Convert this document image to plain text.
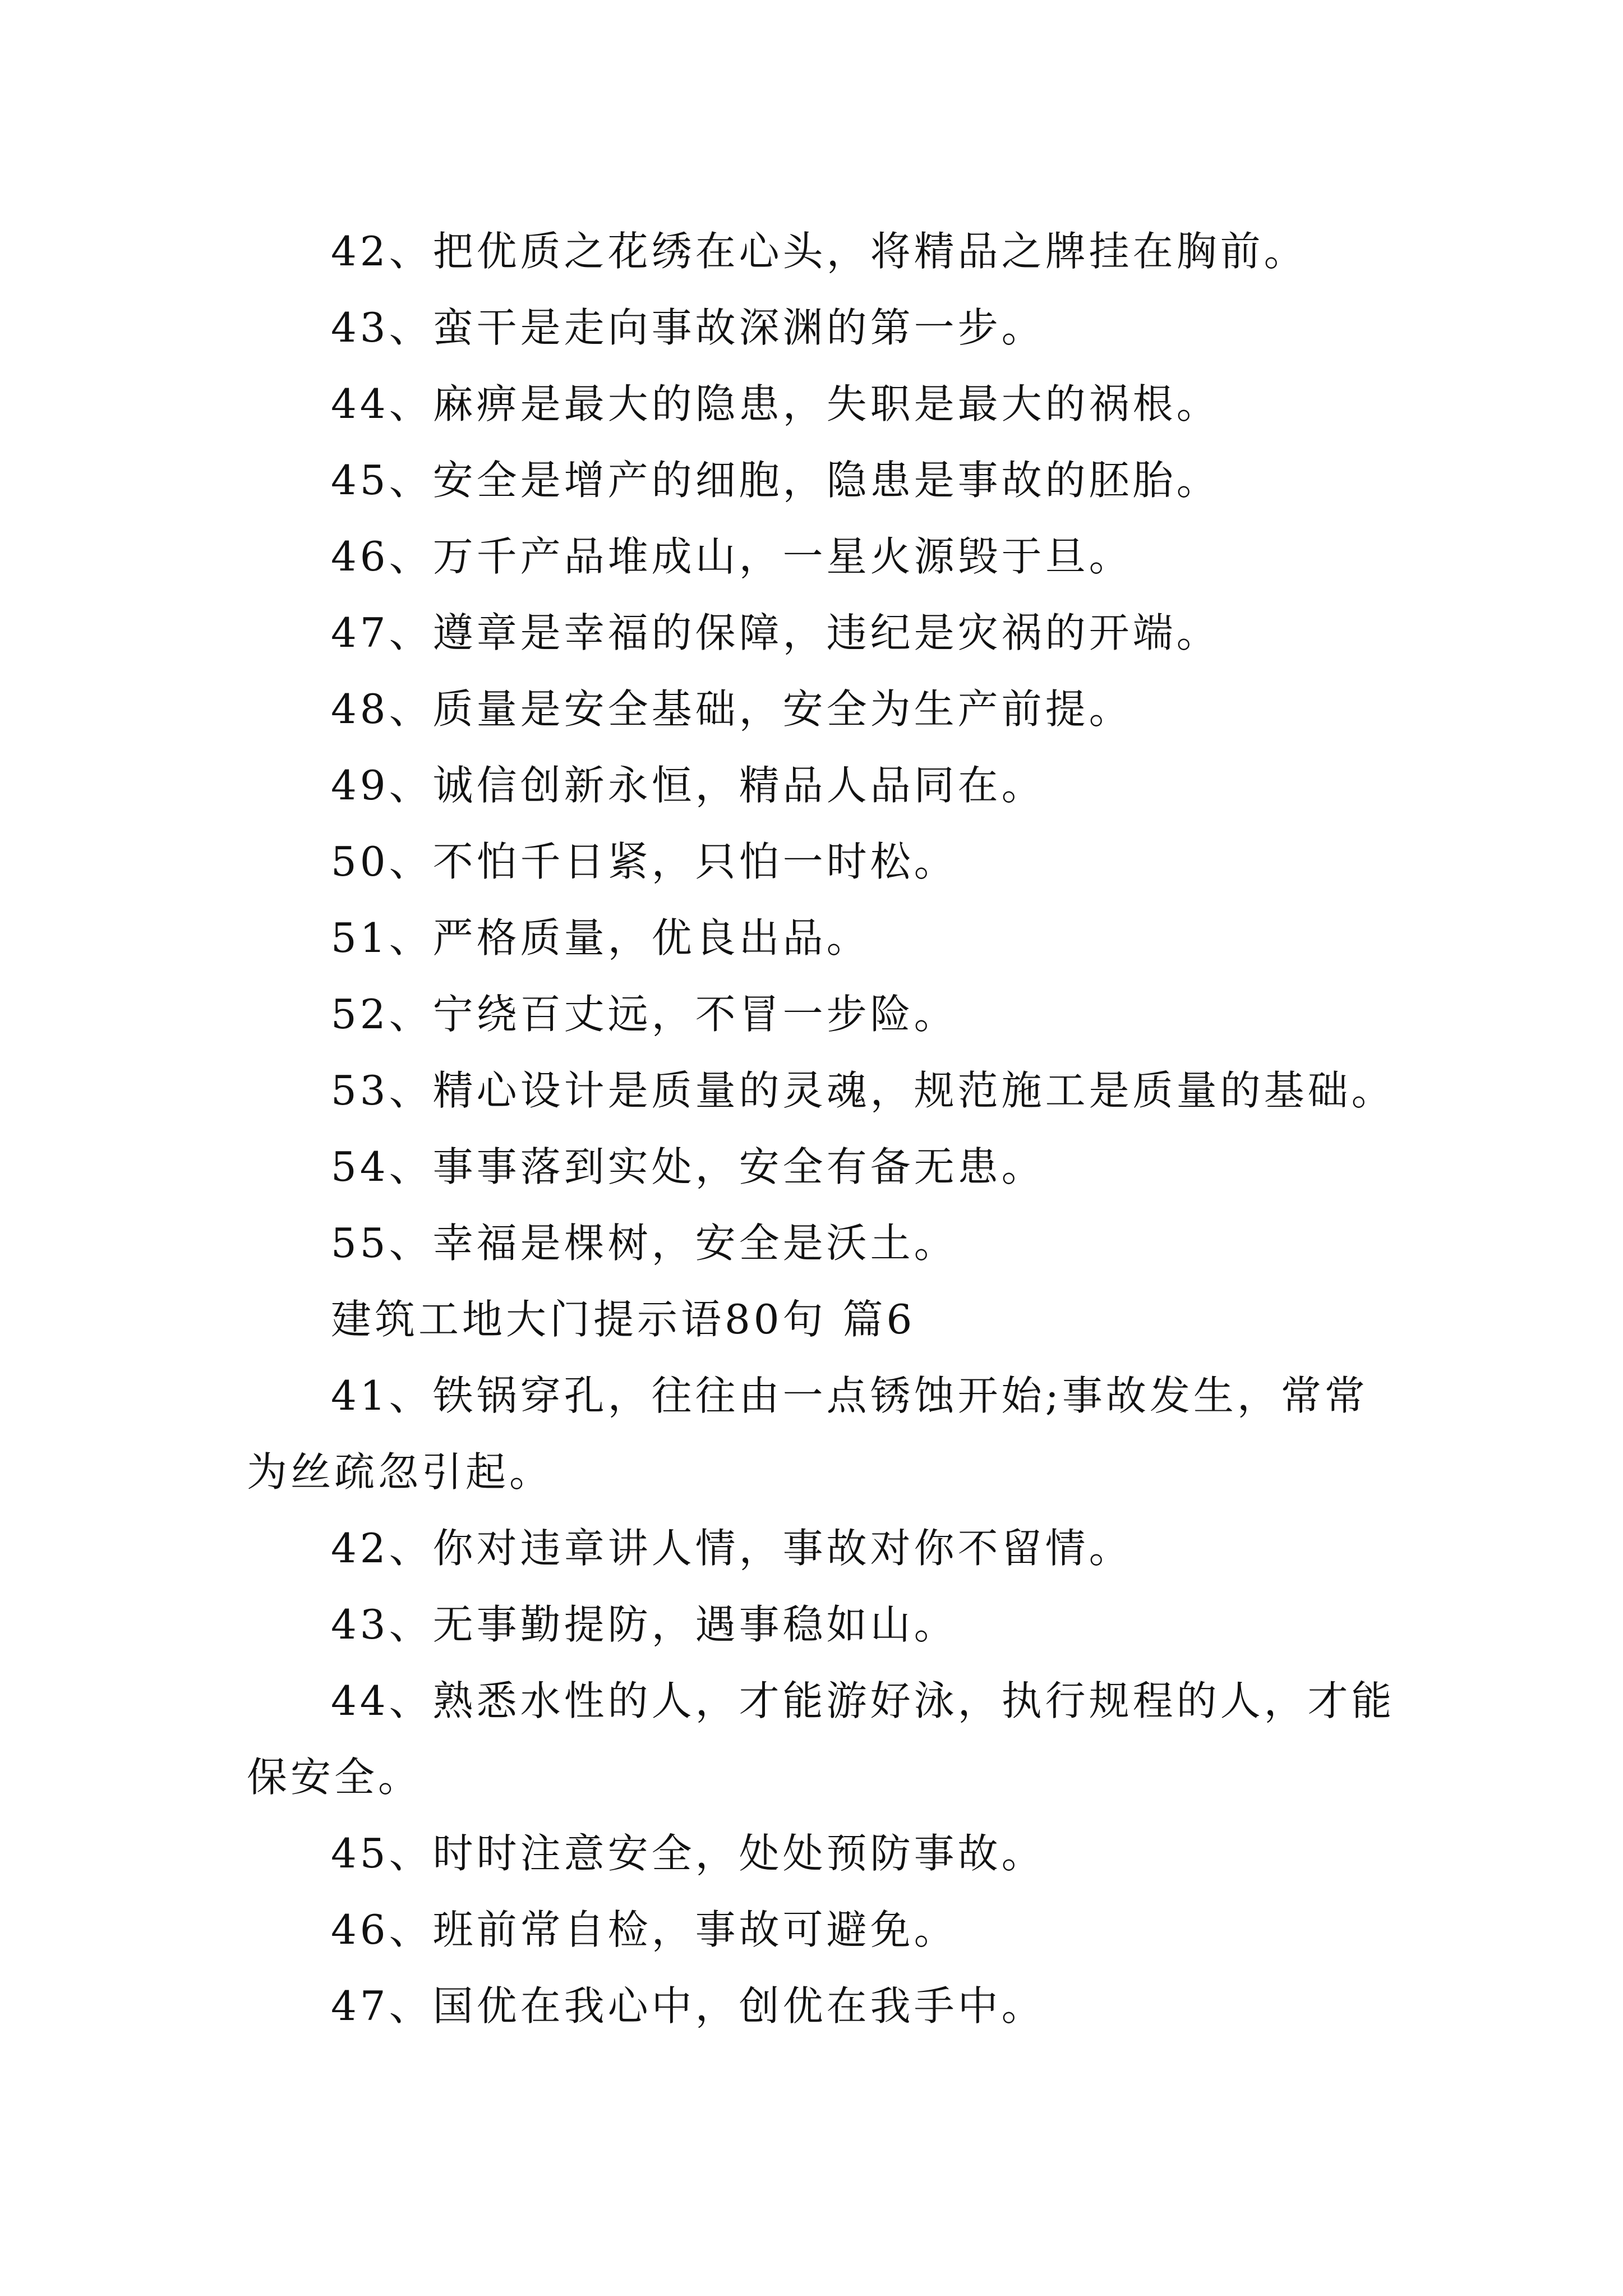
42、把优质之花绣在心头，将精品之牌挂在胸前。
43、蛮干是走向事故深渊的第一步。
44、麻痹是最大的隐患，失职是最大的祸根。
45、安全是增产的细胞，隐患是事故的胚胎。
46、万千产品堆成山，一星火源毁于旦。
47、遵章是幸福的保障，违纪是灾祸的开端。
48、质量是安全基础，安全为生产前提。
49、诚信创新永恒，精品人品同在。
50、不怕千日紧，只怕一时松。
51、严格质量，优良出品。
52、宁绕百丈远，不冒一步险。
53、精心设计是质量的灵魂，规范施工是质量的基础。
54、事事落到实处，安全有备无患。
55、幸福是棵树，安全是沃土。
建筑工地大门提示语80句 篇6
41、铁锅穿孔，往往由一点锈蚀开始;事故发生，常常
为丝疏忽引起。
42、你对违章讲人情，事故对你不留情。
43、无事勤提防，遇事稳如山。
44、熟悉水性的人，才能游好泳，执行规程的人，才能
保安全。
45、时时注意安全，处处预防事故。
46、班前常自检，事故可避免。
47、国优在我心中，创优在我手中。
